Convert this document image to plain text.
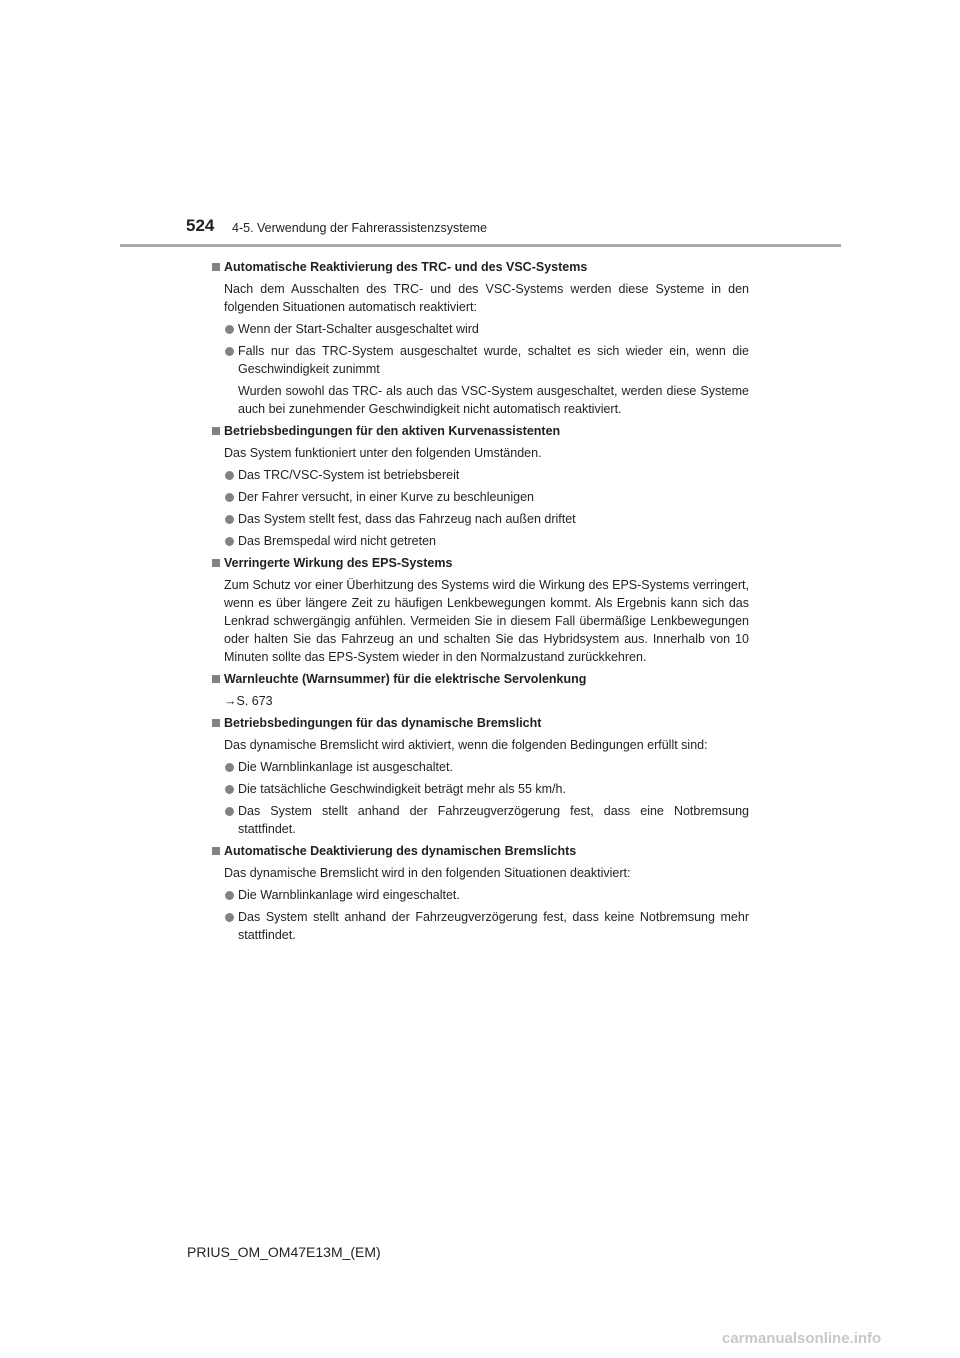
524 4-5. Verwendung der Fahrerassistenzsysteme
Automatische Reaktivierung des TRC- und des VSC-Systems
Nach dem Ausschalten des TRC- und des VSC-Systems werden diese Systeme in den folgenden Situationen automatisch reaktiviert:
Wenn der Start-Schalter ausgeschaltet wird
Falls nur das TRC-System ausgeschaltet wurde, schaltet es sich wieder ein, wenn die Geschwindigkeit zunimmt
Wurden sowohl das TRC- als auch das VSC-System ausgeschaltet, werden diese Systeme auch bei zunehmender Geschwindigkeit nicht automatisch reaktiviert.
Betriebsbedingungen für den aktiven Kurvenassistenten
Das System funktioniert unter den folgenden Umständen.
Das TRC/VSC-System ist betriebsbereit
Der Fahrer versucht, in einer Kurve zu beschleunigen
Das System stellt fest, dass das Fahrzeug nach außen driftet
Das Bremspedal wird nicht getreten
Verringerte Wirkung des EPS-Systems
Zum Schutz vor einer Überhitzung des Systems wird die Wirkung des EPS-Systems verringert, wenn es über längere Zeit zu häufigen Lenkbewegungen kommt. Als Ergebnis kann sich das Lenkrad schwergängig anfühlen. Vermeiden Sie in diesem Fall übermäßige Lenkbewegungen oder halten Sie das Fahrzeug an und schalten Sie das Hybridsystem aus. Innerhalb von 10 Minuten sollte das EPS-System wieder in den Normalzustand zurückkehren.
Warnleuchte (Warnsummer) für die elektrische Servolenkung
→S. 673
Betriebsbedingungen für das dynamische Bremslicht
Das dynamische Bremslicht wird aktiviert, wenn die folgenden Bedingungen erfüllt sind:
Die Warnblinkanlage ist ausgeschaltet.
Die tatsächliche Geschwindigkeit beträgt mehr als 55 km/h.
Das System stellt anhand der Fahrzeugverzögerung fest, dass eine Notbremsung stattfindet.
Automatische Deaktivierung des dynamischen Bremslichts
Das dynamische Bremslicht wird in den folgenden Situationen deaktiviert:
Die Warnblinkanlage wird eingeschaltet.
Das System stellt anhand der Fahrzeugverzögerung fest, dass keine Notbremsung mehr stattfindet.
PRIUS_OM_OM47E13M_(EM)
carmanualsonline.info
